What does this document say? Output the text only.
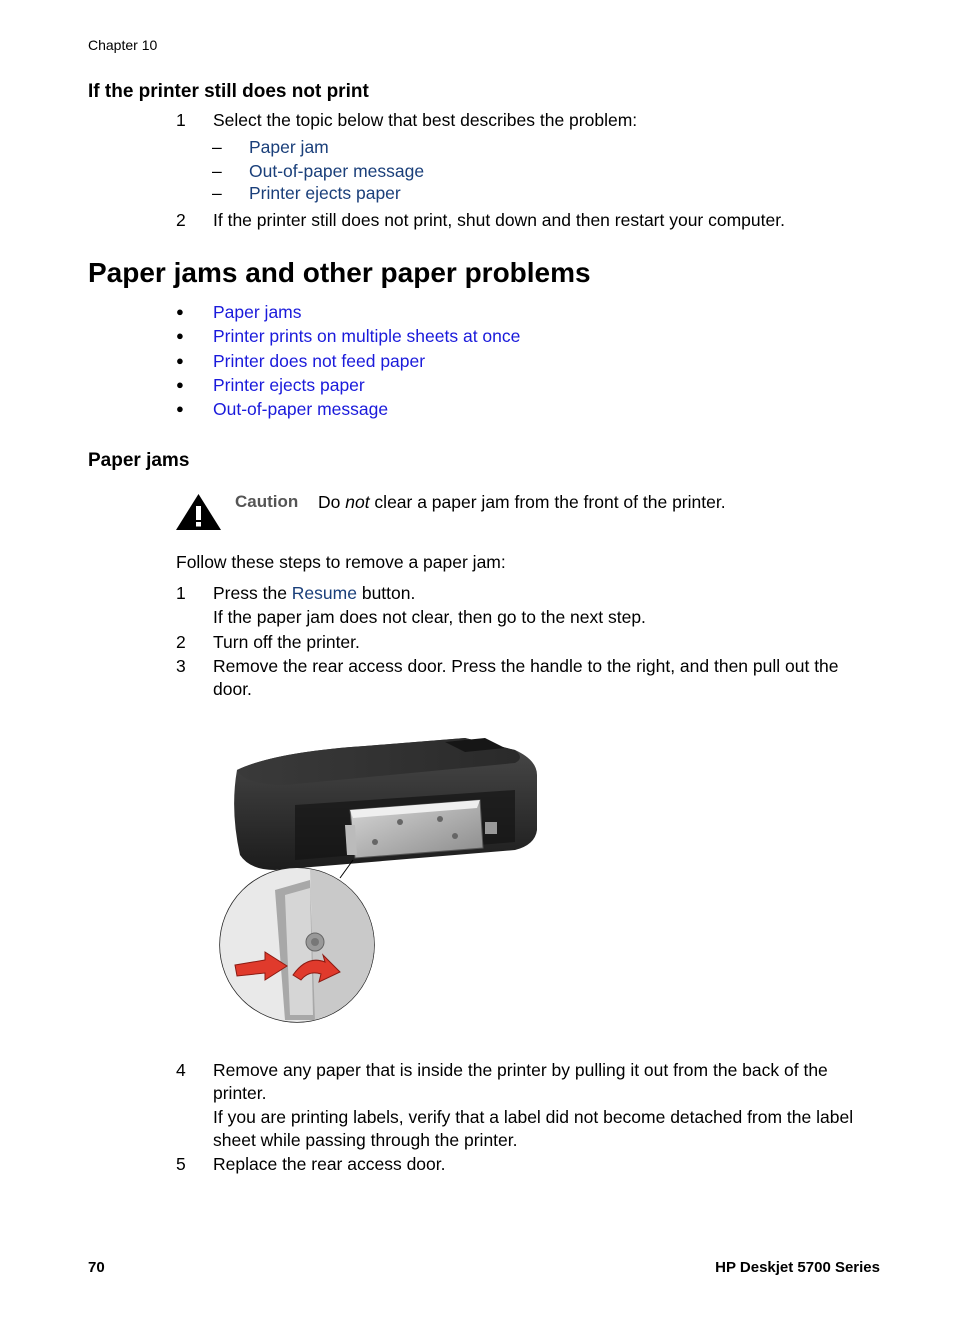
Chapter 10
If the printer still does not print
1 Select the topic below that best describes the problem:
– Paper jam
– Out-of-paper message
– Printer ejects paper
2 If the printer still does not print, shut down and then restart your computer.
Paper jams and other paper problems
● Paper jams
● Printer prints on multiple sheets at once
● Printer does not feed paper
● Printer ejects paper
● Out-of-paper message
Paper jams
Caution Do not clear a paper jam from the front of the printer.
Follow these steps to remove a paper jam:
1 Press the Resume button.
If the paper jam does not clear, then go to the next step.
2 Turn off the printer.
3 Remove the rear access door. Press the handle to the right, and then pull out the
door.
4 Remove any paper that is inside the printer by pulling it out from the back of the
printer.
If you are printing labels, verify that a label did not become detached from the label
sheet while passing through the printer.
5 Replace the rear access door.
70	HP Deskjet 5700 Series
